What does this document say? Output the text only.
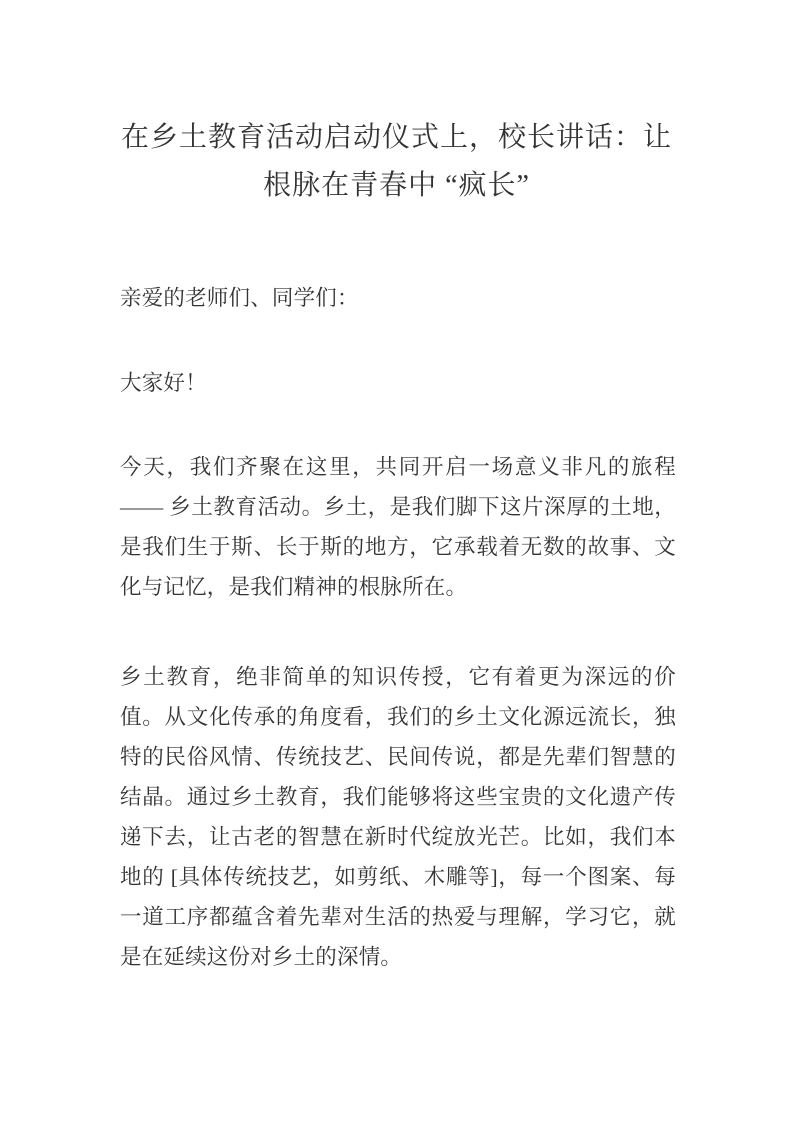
在乡土教育活动启动仪式上，校长讲话：让根脉在青春中 “疯长”

亲爱的老师们、同学们：

大家好！

今天，我们齐聚在这里，共同开启一场意义非凡的旅程 —— 乡土教育活动。乡土，是我们脚下这片深厚的土地，是我们生于斯、长于斯的地方，它承载着无数的故事、文化与记忆，是我们精神的根脉所在。

乡土教育，绝非简单的知识传授，它有着更为深远的价值。从文化传承的角度看，我们的乡土文化源远流长，独特的民俗风情、传统技艺、民间传说，都是先辈们智慧的结晶。通过乡土教育，我们能够将这些宝贵的文化遗产传递下去，让古老的智慧在新时代绽放光芒。比如，我们本地的 [具体传统技艺，如剪纸、木雕等]，每一个图案、每一道工序都蕴含着先辈对生活的热爱与理解，学习它，就是在延续这份对乡土的深情。
